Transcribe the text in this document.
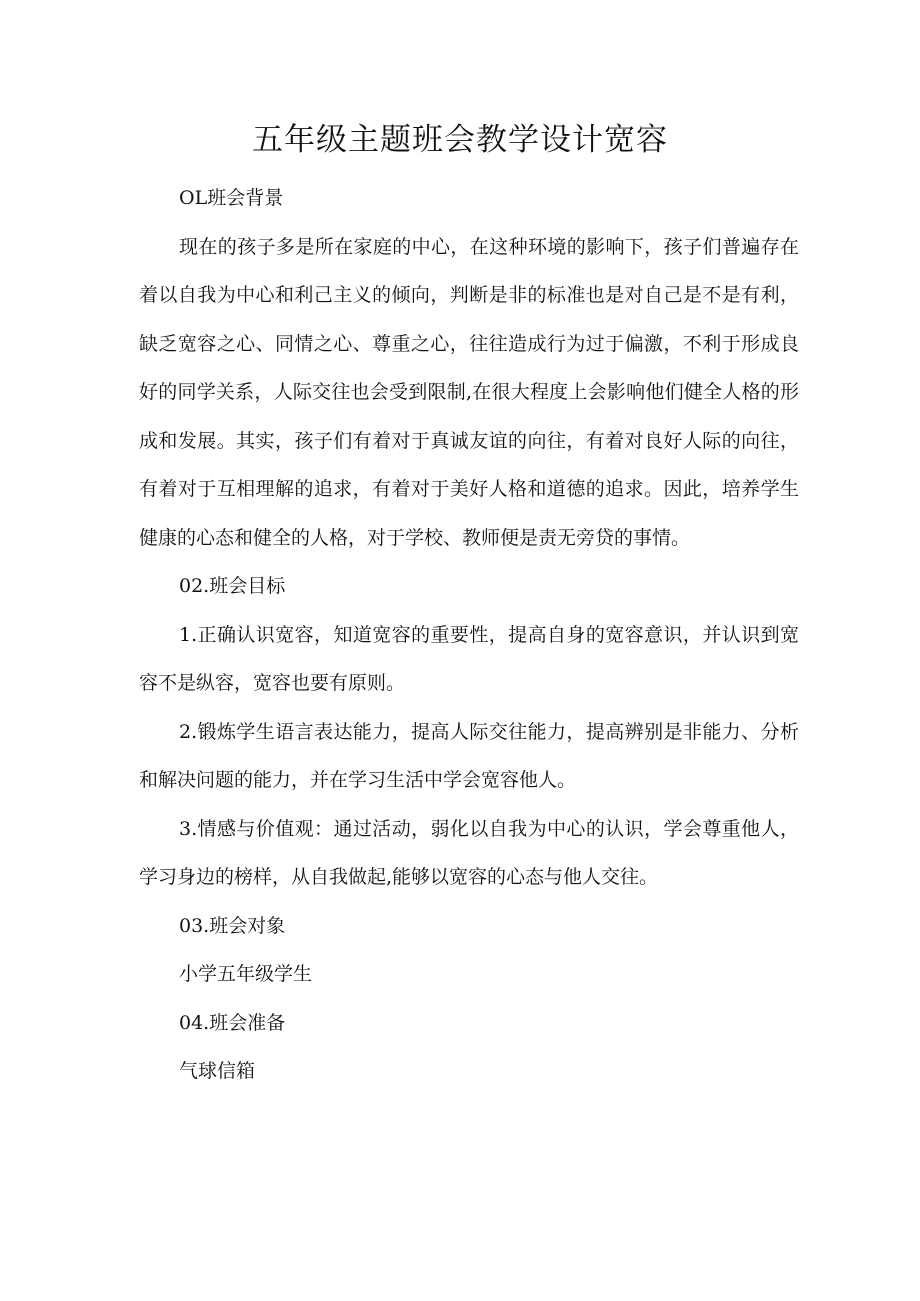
五年级主题班会教学设计宽容

OL班会背景

现在的孩子多是所在家庭的中心，在这种环境的影响下，孩子们普遍存在着以自我为中心和利己主义的倾向，判断是非的标准也是对自己是不是有利，缺乏宽容之心、同情之心、尊重之心，往往造成行为过于偏激，不利于形成良好的同学关系，人际交往也会受到限制,在很大程度上会影响他们健全人格的形成和发展。其实，孩子们有着对于真诚友谊的向往，有着对良好人际的向往，有着对于互相理解的追求，有着对于美好人格和道德的追求。因此，培养学生健康的心态和健全的人格，对于学校、教师便是责无旁贷的事情。

02.班会目标

1.正确认识宽容，知道宽容的重要性，提高自身的宽容意识，并认识到宽容不是纵容，宽容也要有原则。

2.锻炼学生语言表达能力，提高人际交往能力，提高辨别是非能力、分析和解决问题的能力，并在学习生活中学会宽容他人。

3.情感与价值观：通过活动，弱化以自我为中心的认识，学会尊重他人，学习身边的榜样，从自我做起,能够以宽容的心态与他人交往。

03.班会对象

小学五年级学生

04.班会准备

气球信箱
